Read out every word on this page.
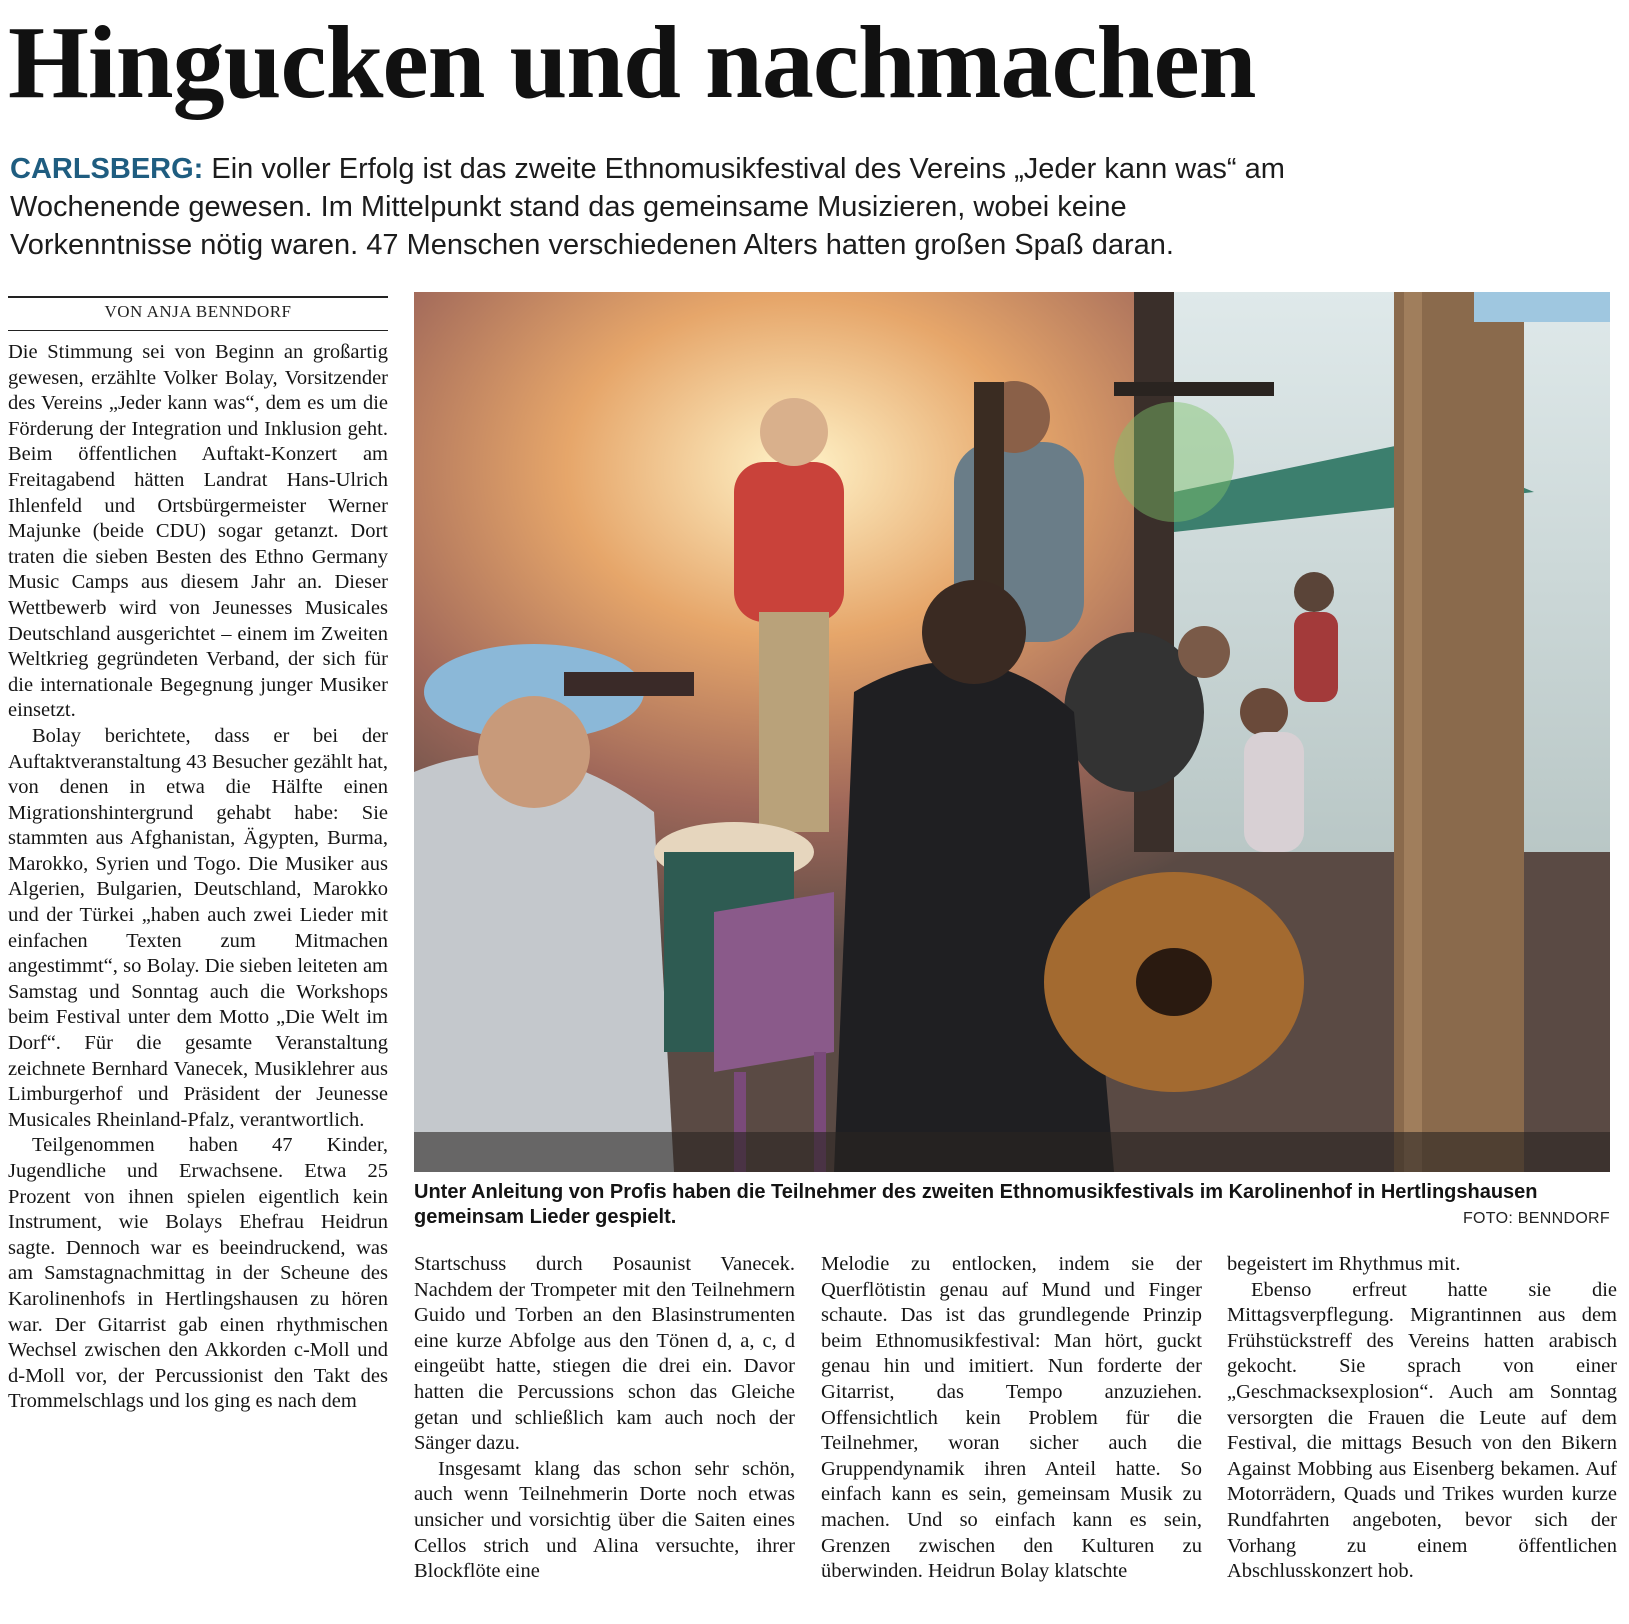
Hingucken und nachmachen

CARLSBERG: Ein voller Erfolg ist das zweite Ethnomusikfestival des Vereins „Jeder kann was“ am Wochenende gewesen. Im Mittelpunkt stand das gemeinsame Musizieren, wobei keine Vorkenntnisse nötig waren. 47 Menschen verschiedenen Alters hatten großen Spaß daran.

VON ANJA BENNDORF

Die Stimmung sei von Beginn an großartig gewesen, erzählte Volker Bolay, Vorsitzender des Vereins „Jeder kann was“, dem es um die Förderung der Integration und Inklusion geht. Beim öffentlichen Auftakt-Konzert am Freitagabend hätten Landrat Hans-Ulrich Ihlenfeld und Ortsbürgermeister Werner Majunke (beide CDU) sogar getanzt. Dort traten die sieben Besten des Ethno Germany Music Camps aus diesem Jahr an. Dieser Wettbewerb wird von Jeunesses Musicales Deutschland ausgerichtet – einem im Zweiten Weltkrieg gegründeten Verband, der sich für die internationale Begegnung junger Musiker einsetzt.

Bolay berichtete, dass er bei der Auftaktveranstaltung 43 Besucher gezählt hat, von denen in etwa die Hälfte einen Migrationshintergrund gehabt habe: Sie stammten aus Afghanistan, Ägypten, Burma, Marokko, Syrien und Togo. Die Musiker aus Algerien, Bulgarien, Deutschland, Marokko und der Türkei „haben auch zwei Lieder mit einfachen Texten zum Mitmachen angestimmt“, so Bolay. Die sieben leiteten am Samstag und Sonntag auch die Workshops beim Festival unter dem Motto „Die Welt im Dorf“. Für die gesamte Veranstaltung zeichnete Bernhard Vanecek, Musiklehrer aus Limburgerhof und Präsident der Jeunesse Musicales Rheinland-Pfalz, verantwortlich.

Teilgenommen haben 47 Kinder, Jugendliche und Erwachsene. Etwa 25 Prozent von ihnen spielen eigentlich kein Instrument, wie Bolays Ehefrau Heidrun sagte. Dennoch war es beeindruckend, was am Samstagnachmittag in der Scheune des Karolinenhofs in Hertlingshausen zu hören war. Der Gitarrist gab einen rhythmischen Wechsel zwischen den Akkorden c-Moll und d-Moll vor, der Percussionist den Takt des Trommelschlags und los ging es nach dem

Unter Anleitung von Profis haben die Teilnehmer des zweiten Ethnomusikfestivals im Karolinenhof in Hertlingshausen gemeinsam Lieder gespielt.	FOTO: BENNDORF

Startschuss durch Posaunist Vanecek. Nachdem der Trompeter mit den Teilnehmern Guido und Torben an den Blasinstrumenten eine kurze Abfolge aus den Tönen d, a, c, d eingeübt hatte, stiegen die drei ein. Davor hatten die Percussions schon das Gleiche getan und schließlich kam auch noch der Sänger dazu.

Insgesamt klang das schon sehr schön, auch wenn Teilnehmerin Dorte noch etwas unsicher und vorsichtig über die Saiten eines Cellos strich und Alina versuchte, ihrer Blockflöte eine

Melodie zu entlocken, indem sie der Querflötistin genau auf Mund und Finger schaute. Das ist das grundlegende Prinzip beim Ethnomusikfestival: Man hört, guckt genau hin und imitiert. Nun forderte der Gitarrist, das Tempo anzuziehen. Offensichtlich kein Problem für die Teilnehmer, woran sicher auch die Gruppendynamik ihren Anteil hatte. So einfach kann es sein, gemeinsam Musik zu machen. Und so einfach kann es sein, Grenzen zwischen den Kulturen zu überwinden. Heidrun Bolay klatschte

begeistert im Rhythmus mit.

Ebenso erfreut hatte sie die Mittagsverpflegung. Migrantinnen aus dem Frühstückstreff des Vereins hatten arabisch gekocht. Sie sprach von einer „Geschmacksexplosion“. Auch am Sonntag versorgten die Frauen die Leute auf dem Festival, die mittags Besuch von den Bikern Against Mobbing aus Eisenberg bekamen. Auf Motorrädern, Quads und Trikes wurden kurze Rundfahrten angeboten, bevor sich der Vorhang zu einem öffentlichen Abschlusskonzert hob.
